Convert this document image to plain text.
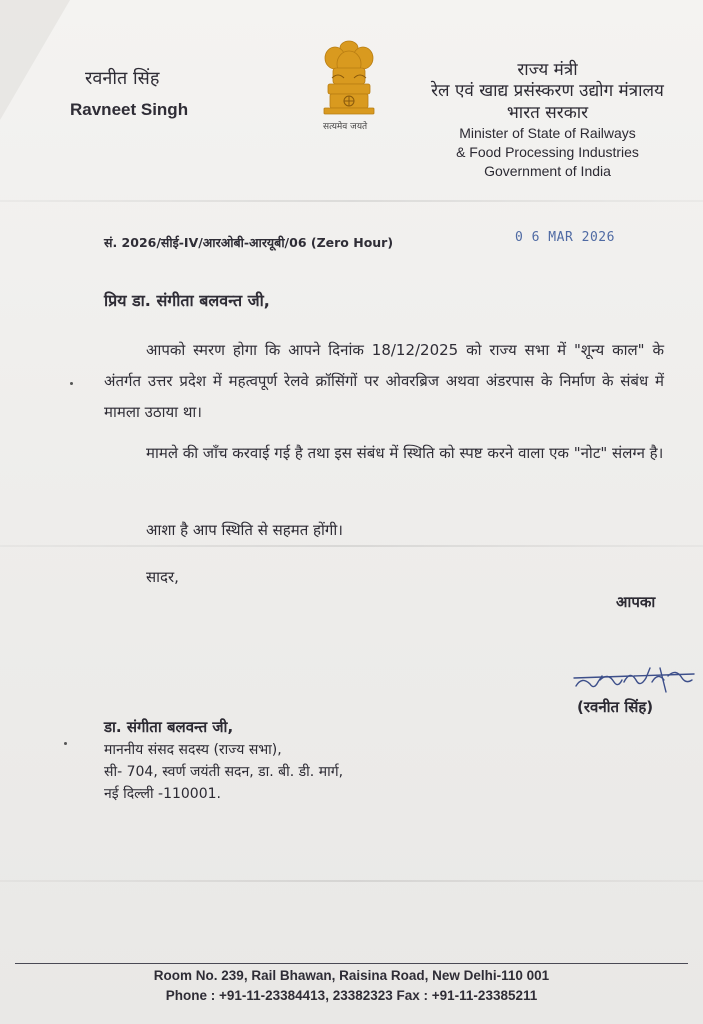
रवनीत सिंह
Ravneet Singh
सत्यमेव जयते
राज्य मंत्री
रेल एवं खाद्य प्रसंस्करण उद्योग मंत्रालय
भारत सरकार
Minister of State of Railways
& Food Processing Industries
Government of India
सं. 2026/सीई-IV/आरओबी-आरयूबी/06 (Zero Hour)	0 6 MAR 2026
प्रिय डा. संगीता बलवन्त जी,
आपको स्मरण होगा कि आपने दिनांक 18/12/2025 को राज्य सभा में "शून्य काल" के अंतर्गत उत्तर प्रदेश में महत्वपूर्ण रेलवे क्रॉसिंगों पर ओवरब्रिज अथवा अंडरपास के निर्माण के संबंध में मामला उठाया था।
मामले की जाँच करवाई गई है तथा इस संबंध में स्थिति को स्पष्ट करने वाला एक "नोट" संलग्न है।
आशा है आप स्थिति से सहमत होंगी।
सादर,
आपका
(रवनीत सिंह)
डा. संगीता बलवन्त जी,
माननीय संसद सदस्य (राज्य सभा),
सी- 704, स्वर्ण जयंती सदन, डा. बी. डी. मार्ग,
नई दिल्ली -110001.
Room No. 239, Rail Bhawan, Raisina Road, New Delhi-110 001
Phone : +91-11-23384413, 23382323 Fax : +91-11-23385211
